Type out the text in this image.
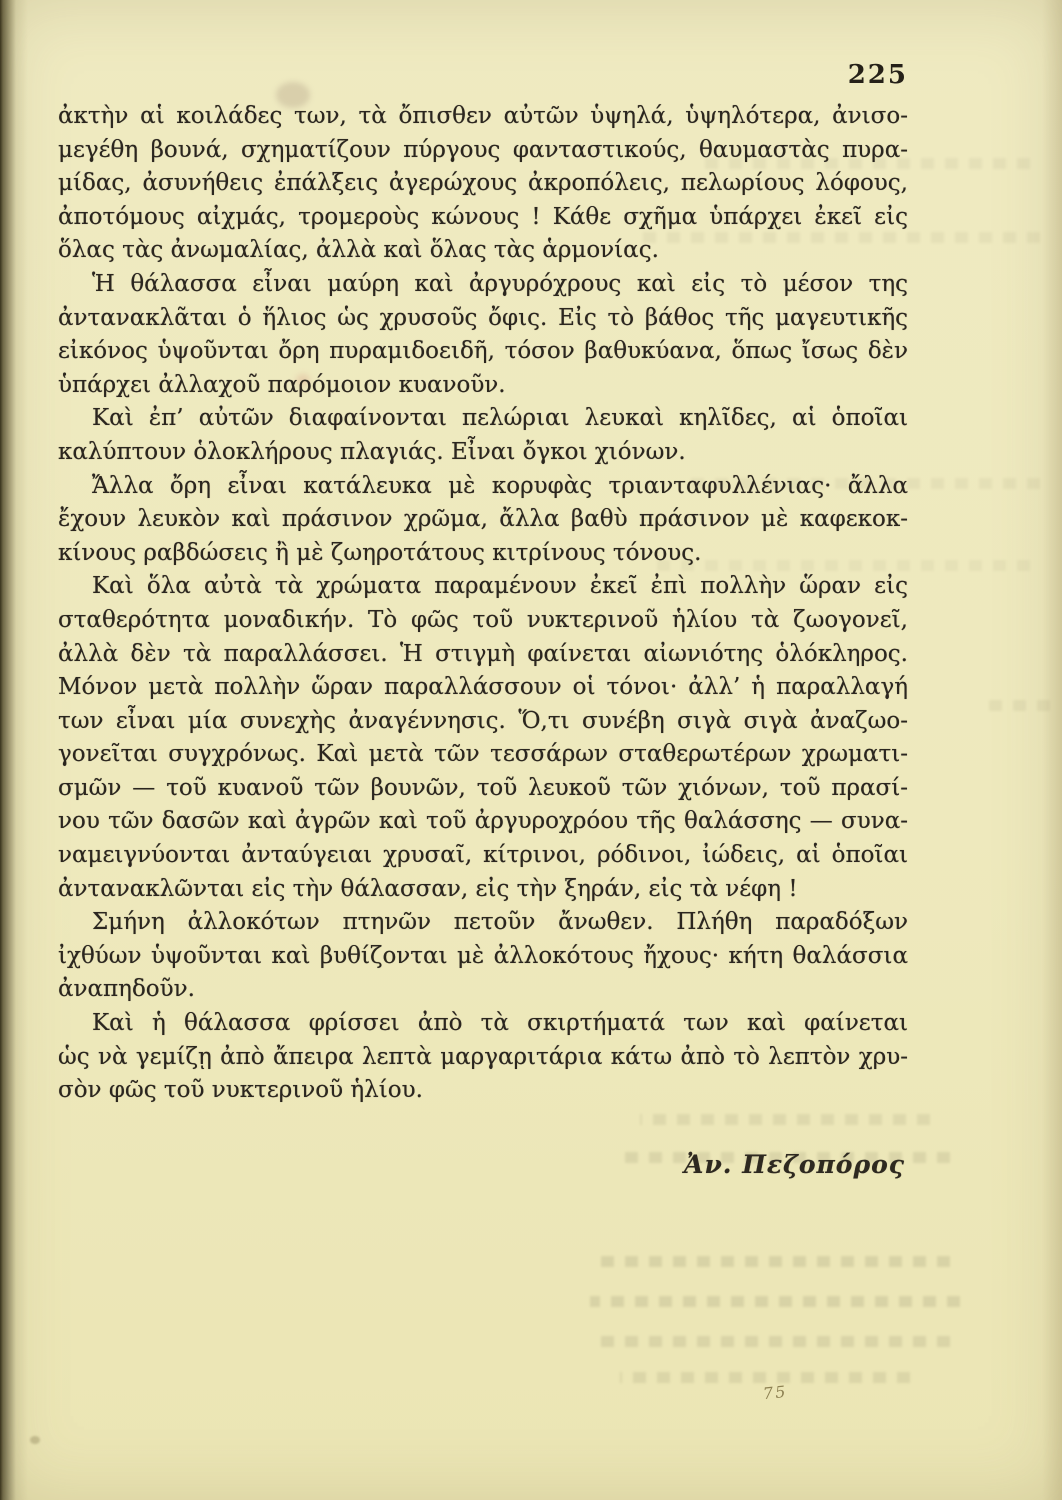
225
ἀκτὴν αἱ κοιλάδες των, τὰ ὄπισθεν αὐτῶν ὑψηλά, ὑψηλότερα, ἀνισο-
μεγέθη βουνά, σχηματίζουν πύργους φανταστικούς, θαυμαστὰς πυρα-
μίδας, ἀσυνήθεις ἐπάλξεις ἀγερώχους ἀκροπόλεις, πελωρίους λόφους,
ἀποτόμους αἰχμάς, τρομεροὺς κώνους ! Κάθε σχῆμα ὑπάρχει ἐκεῖ εἰς
ὅλας τὰς ἀνωμαλίας, ἀλλὰ καὶ ὅλας τὰς ἁρμονίας.
Ἡ θάλασσα εἶναι μαύρη καὶ ἀργυρόχρους καὶ εἰς τὸ μέσον της
ἀντανακλᾶται ὁ ἥλιος ὡς χρυσοῦς ὄφις. Εἰς τὸ βάθος τῆς μαγευτικῆς
εἰκόνος ὑψοῦνται ὄρη πυραμιδοειδῆ, τόσον βαθυκύανα, ὅπως ἴσως δὲν
ὑπάρχει ἀλλαχοῦ παρόμοιον κυανοῦν.
Καὶ ἐπ’ αὐτῶν διαφαίνονται πελώριαι λευκαὶ κηλῖδες, αἱ ὁποῖαι
καλύπτουν ὁλοκλήρους πλαγιάς. Εἶναι ὄγκοι χιόνων.
Ἄλλα ὄρη εἶναι κατάλευκα μὲ κορυφὰς τριανταφυλλένιας· ἄλλα
ἔχουν λευκὸν καὶ πράσινον χρῶμα, ἄλλα βαθὺ πράσινον μὲ καφεκοκ-
κίνους ραβδώσεις ἢ μὲ ζωηροτάτους κιτρίνους τόνους.
Καὶ ὅλα αὐτὰ τὰ χρώματα παραμένουν ἐκεῖ ἐπὶ πολλὴν ὥραν εἰς
σταθερότητα μοναδικήν. Τὸ φῶς τοῦ νυκτερινοῦ ἡλίου τὰ ζωογονεῖ,
ἀλλὰ δὲν τὰ παραλλάσσει. Ἡ στιγμὴ φαίνεται αἰωνιότης ὁλόκληρος.
Μόνον μετὰ πολλὴν ὥραν παραλλάσσουν οἱ τόνοι· ἀλλ’ ἡ παραλλαγή
των εἶναι μία συνεχὴς ἀναγέννησις. Ὅ,τι συνέβη σιγὰ σιγὰ ἀναζωο-
γονεῖται συγχρόνως. Καὶ μετὰ τῶν τεσσάρων σταθερωτέρων χρωματι-
σμῶν — τοῦ κυανοῦ τῶν βουνῶν, τοῦ λευκοῦ τῶν χιόνων, τοῦ πρασί-
νου τῶν δασῶν καὶ ἀγρῶν καὶ τοῦ ἀργυροχρόου τῆς θαλάσσης — συνα-
ναμειγνύονται ἀνταύγειαι χρυσαῖ, κίτρινοι, ρόδινοι, ἰώδεις, αἱ ὁποῖαι
ἀντανακλῶνται εἰς τὴν θάλασσαν, εἰς τὴν ξηράν, εἰς τὰ νέφη !
Σμήνη ἀλλοκότων πτηνῶν πετοῦν ἄνωθεν. Πλήθη παραδόξων
ἰχθύων ὑψοῦνται καὶ βυθίζονται μὲ ἀλλοκότους ἤχους· κήτη θαλάσσια
ἀναπηδοῦν.
Καὶ ἡ θάλασσα φρίσσει ἀπὸ τὰ σκιρτήματά των καὶ φαίνεται
ὡς νὰ γεμίζῃ ἀπὸ ἄπειρα λεπτὰ μαργαριτάρια κάτω ἀπὸ τὸ λεπτὸν χρυ-
σὸν φῶς τοῦ νυκτερινοῦ ἡλίου.
Ἀν. Πεζοπόρος
75
